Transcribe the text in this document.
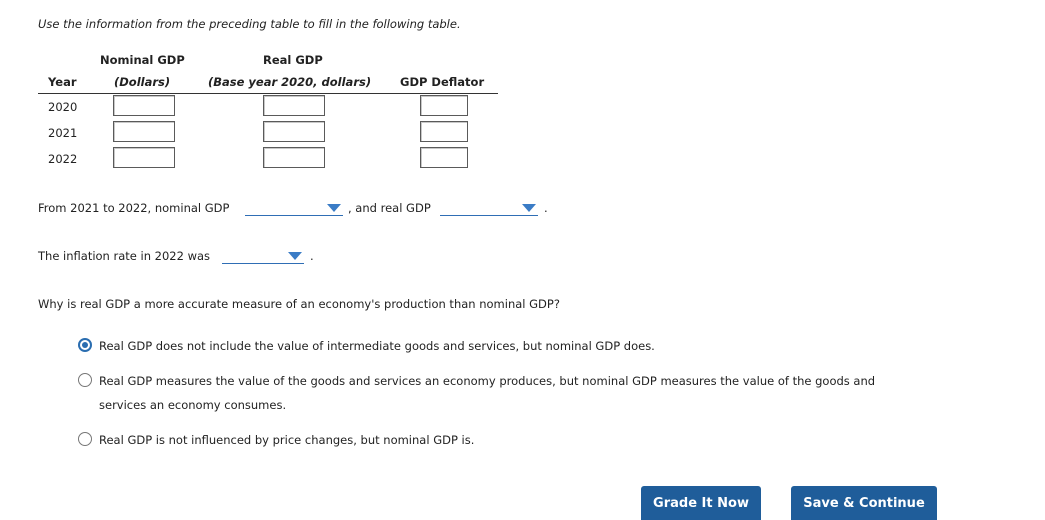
Use the information from the preceding table to fill in the following table.
Nominal GDP	Real GDP
Year	(Dollars)	(Base year 2020, dollars)	GDP Deflator
2020
2021
2022
From 2021 to 2022, nominal GDP	, and real GDP	.
The inflation rate in 2022 was	.
Why is real GDP a more accurate measure of an economy's production than nominal GDP?
Real GDP does not include the value of intermediate goods and services, but nominal GDP does.
Real GDP measures the value of the goods and services an economy produces, but nominal GDP measures the value of the goods and
services an economy consumes.
Real GDP is not influenced by price changes, but nominal GDP is.
Grade It Now	Save & Continue
